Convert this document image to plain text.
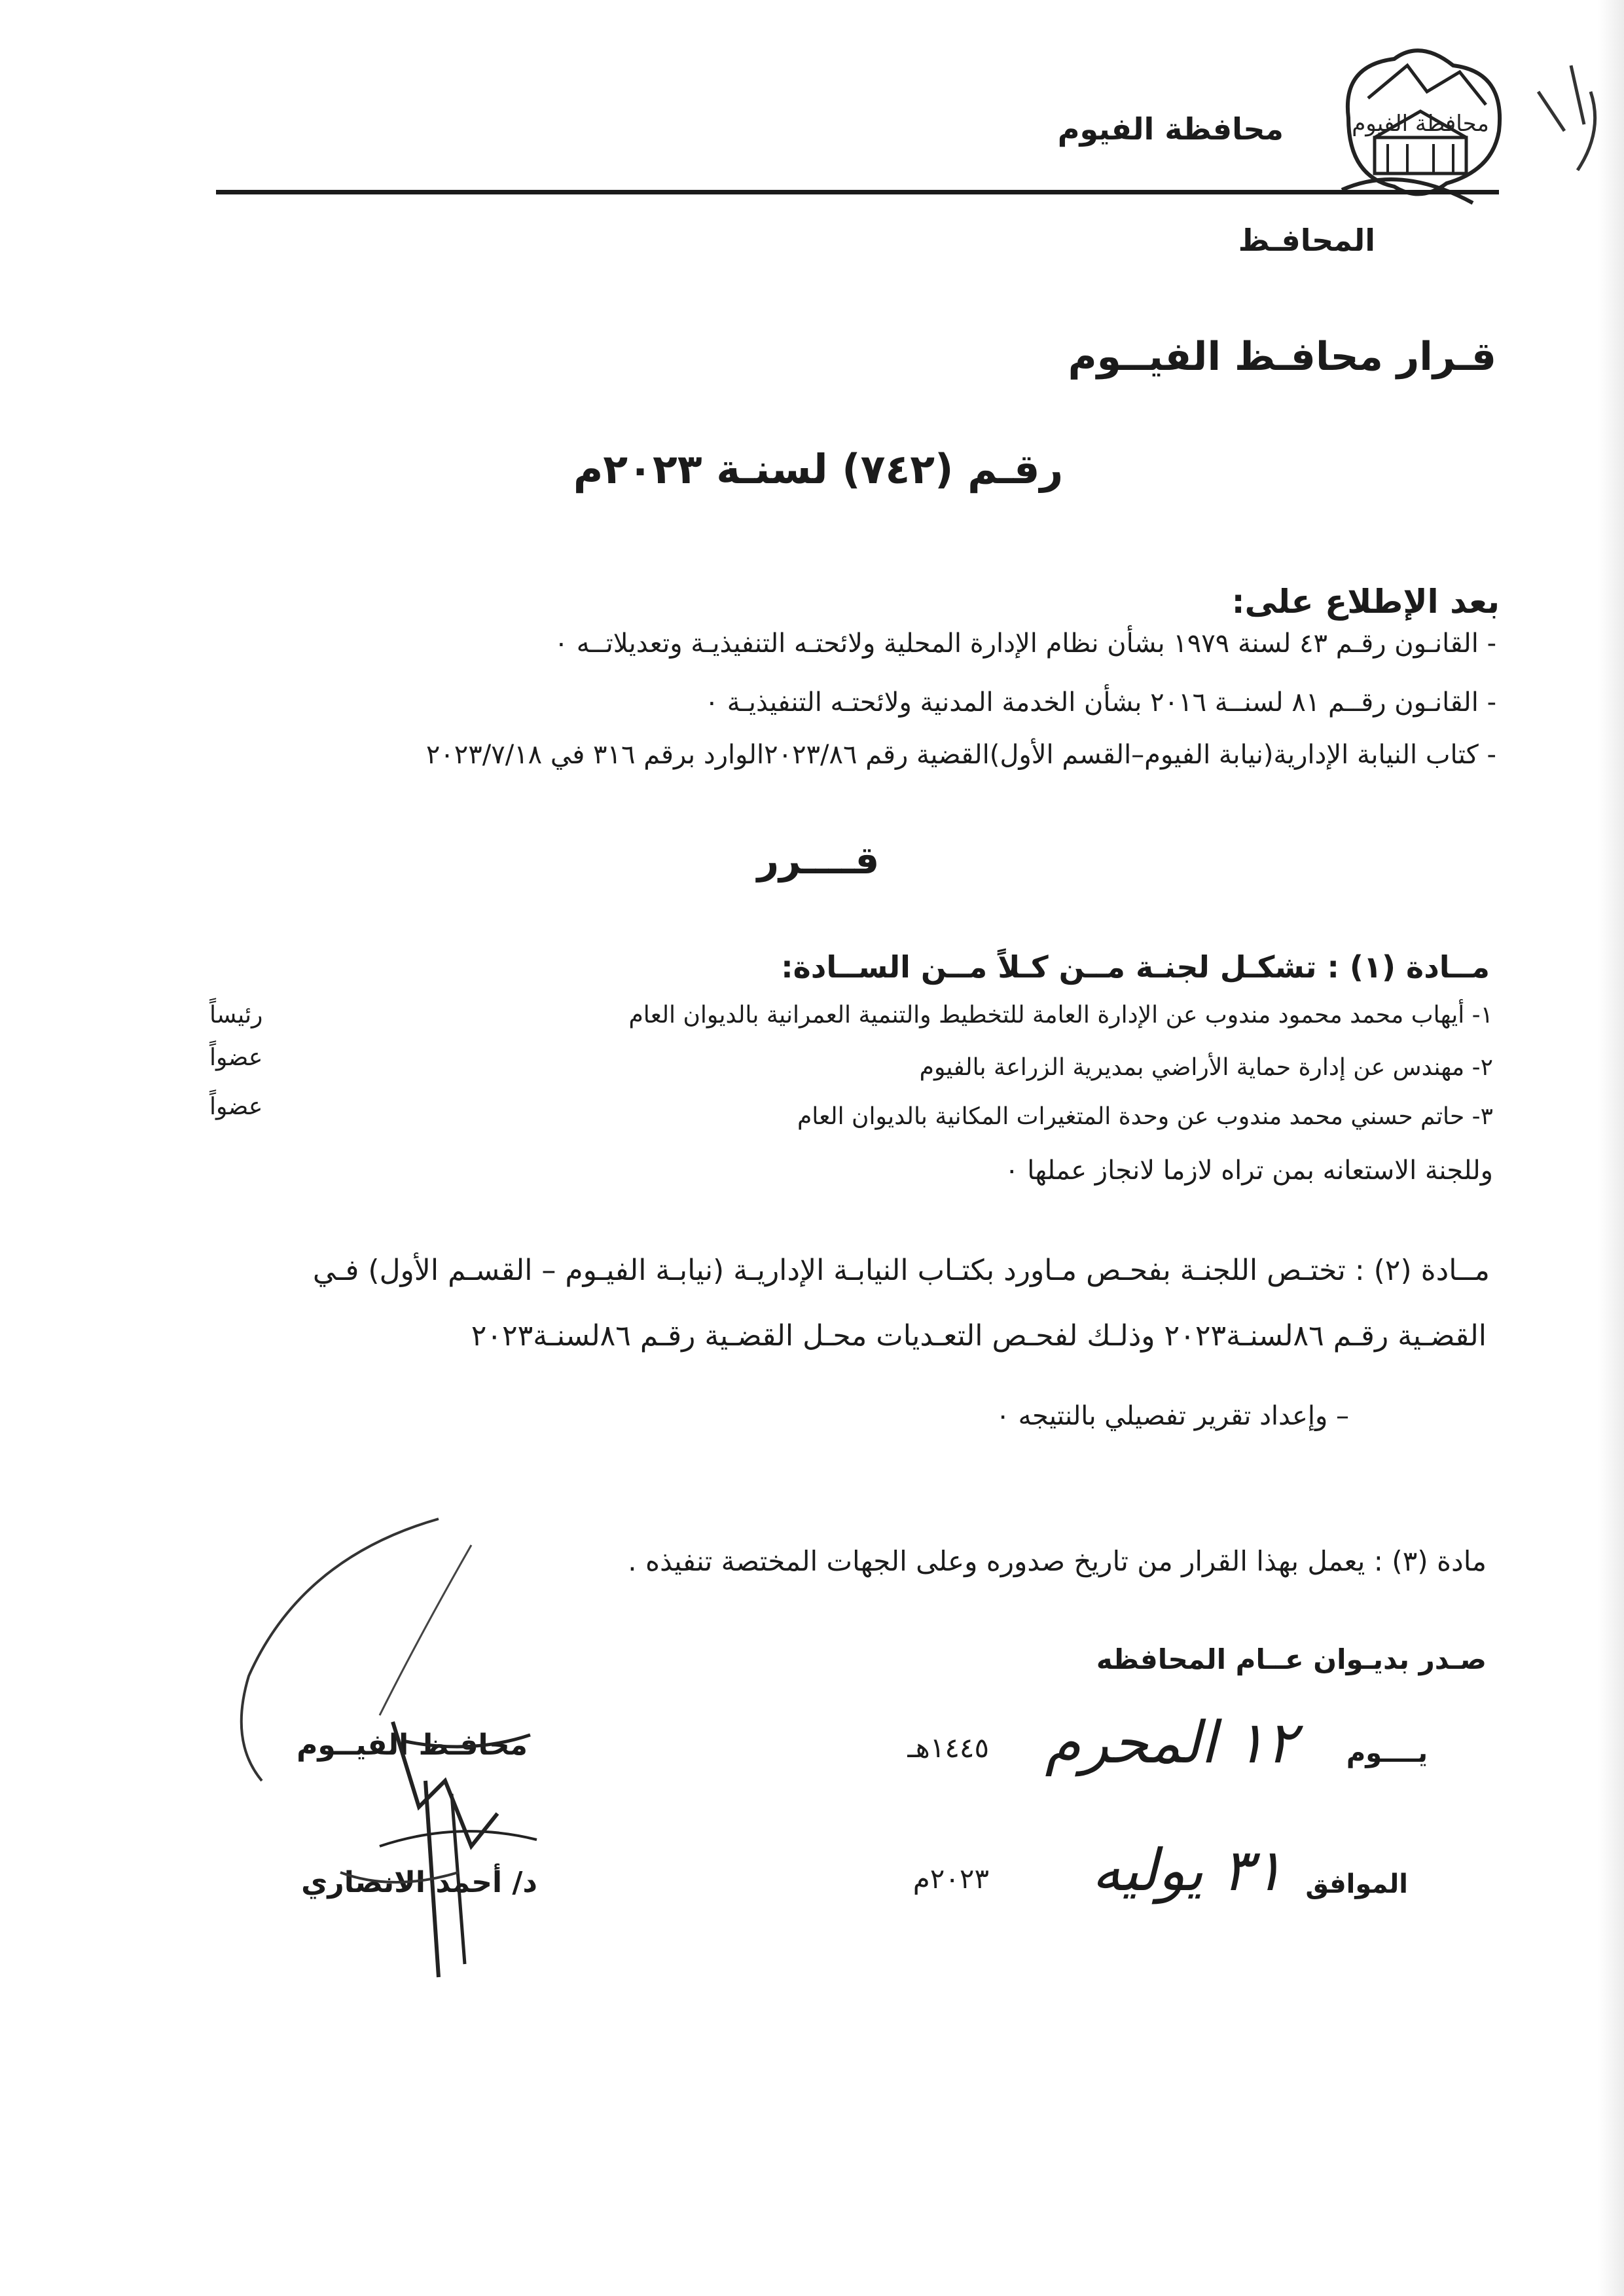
محافظة الفيوم
محافظة الفيوم
المحافـظ
قـرار محافـظ الفيــوم
رقـم (٧٤٢) لسنـة ٢٠٢٣م
بعد الإطلاع على:
- القانـون رقـم ٤٣ لسنة ١٩٧٩ بشأن نظام الإدارة المحلية ولائحتـه التنفيذيـة وتعديلاتــه ٠
- القانـون رقــم ٨١ لسنــة ٢٠١٦ بشأن الخدمة المدنية ولائحتـه التنفيذيـة ٠
- كتاب النيابة الإدارية(نيابة الفيوم–القسم الأول)القضية رقم ٢٠٢٣/٨٦الوارد برقم ٣١٦ في ٢٠٢٣/٧/١٨
قــــرر
مــادة (١) : تشكـل لجنـة مــن كـلاً مــن الســادة:
١- أيهاب محمد محمود مندوب عن الإدارة العامة للتخطيط والتنمية العمرانية بالديوان العام
رئيساً
٢- مهندس عن إدارة حماية الأراضي بمديرية الزراعة بالفيوم
عضواً
٣- حاتم حسني محمد مندوب عن وحدة المتغيرات المكانية بالديوان العام
عضواً
وللجنة الاستعانه بمن تراه لازما لانجاز عملها ٠
مــادة (٢) : تختـص اللجنـة بفحـص مـاورد بكتـاب النيابـة الإداريـة (نيابـة الفيـوم – القسـم الأول) فـي
القضـية رقـم ٨٦لسنـة٢٠٢٣ وذلـك لفحـص التعـديات محـل القضـية رقـم ٨٦لسنـة٢٠٢٣
– وإعداد تقرير تفصيلي بالنتيجه ٠
مادة (٣) : يعمل بهذا القرار من تاريخ صدوره وعلى الجهات المختصة تنفيذه .
صـدر بديـوان عــام المحافظه
يــــوم
١٢ المحرم
١٤٤٥هـ
الموافق
٣١ يوليه
٢٠٢٣م
محافـظ الفيــوم
د/ أحمد الانصاري
